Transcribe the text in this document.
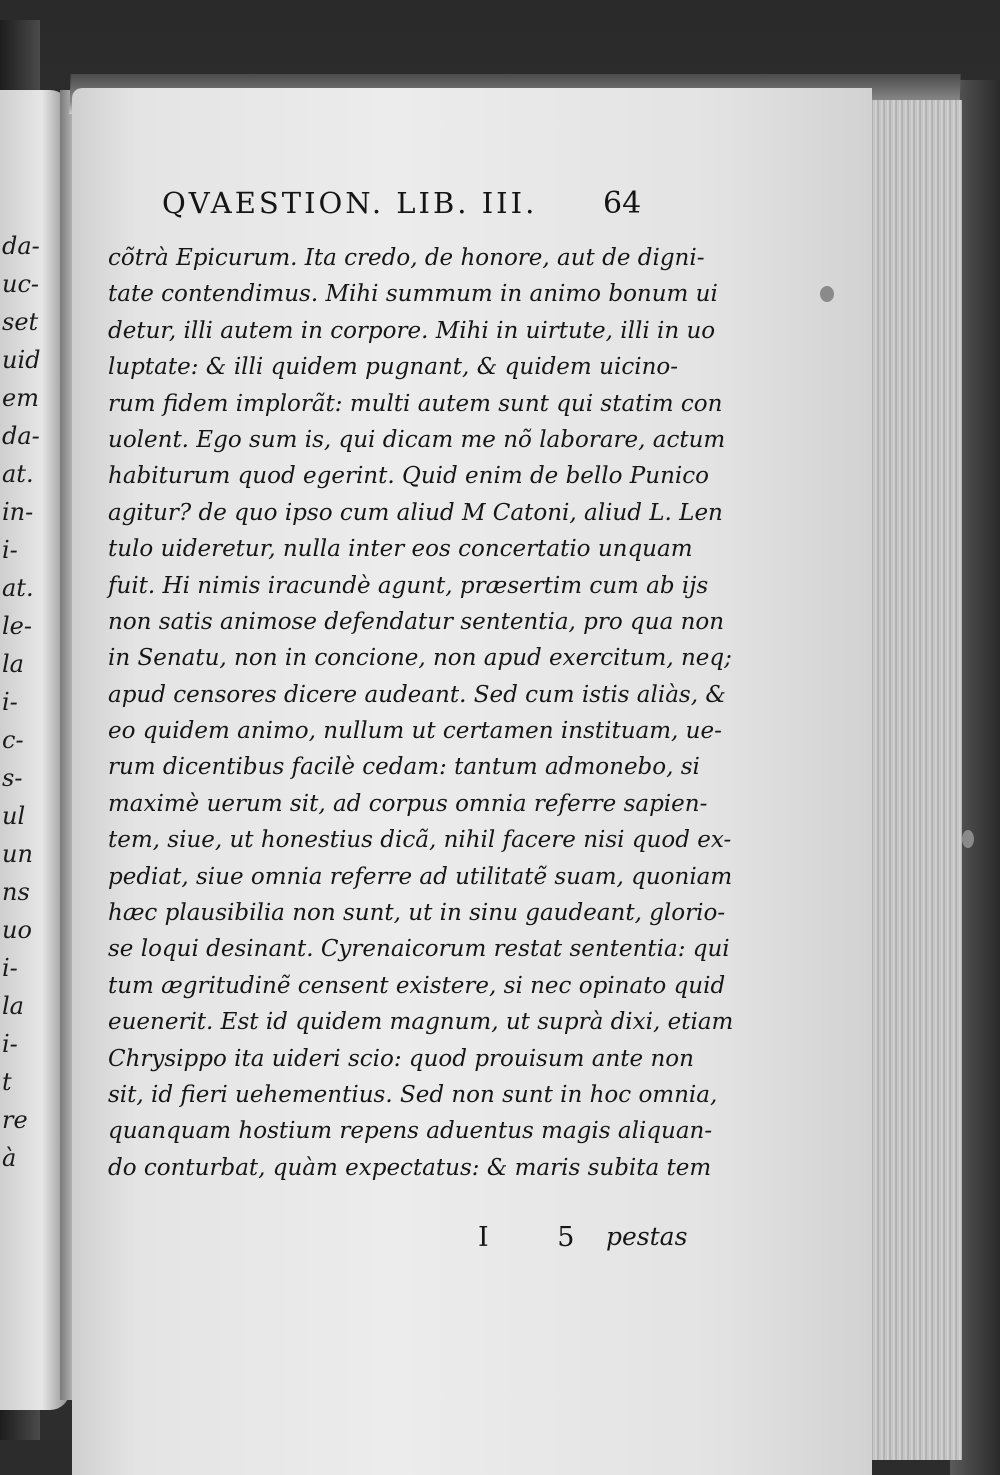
da-

uc-

set

uid

em

da-

at.

in-

i-

at.

le-

la

i-

c-

s-

ul

un

ns

uo

i-

la

i-

t

re

à

QVAESTION. LIB. III. 64

cõtrà Epicurum. Ita credo, de honore, aut de digni-

tate contendimus. Mihi summum in animo bonum ui

detur, illi autem in corpore. Mihi in uirtute, illi in uo

luptate: & illi quidem pugnant, & quidem uicino-

rum fidem implorãt: multi autem sunt qui statim con

uolent. Ego sum is, qui dicam me nõ laborare, actum

habiturum quod egerint. Quid enim de bello Punico

agitur? de quo ipso cum aliud M Catoni, aliud L. Len

tulo uideretur, nulla inter eos concertatio unquam

fuit. Hi nimis iracundè agunt, præsertim cum ab ijs

non satis animose defendatur sententia, pro qua non

in Senatu, non in concione, non apud exercitum, neq;

apud censores dicere audeant. Sed cum istis aliàs, &

eo quidem animo, nullum ut certamen instituam, ue-

rum dicentibus facilè cedam: tantum admonebo, si

maximè uerum sit, ad corpus omnia referre sapien-

tem, siue, ut honestius dicã, nihil facere nisi quod ex-

pediat, siue omnia referre ad utilitatẽ suam, quoniam

hæc plausibilia non sunt, ut in sinu gaudeant, glorio-

se loqui desinant. Cyrenaicorum restat sententia: qui

tum ægritudinẽ censent existere, si nec opinato quid

euenerit. Est id quidem magnum, ut suprà dixi, etiam

Chrysippo ita uideri scio: quod prouisum ante non

sit, id fieri uehementius. Sed non sunt in hoc omnia,

quanquam hostium repens aduentus magis aliquan-

do conturbat, quàm expectatus: & maris subita tem

I 5 pestas
